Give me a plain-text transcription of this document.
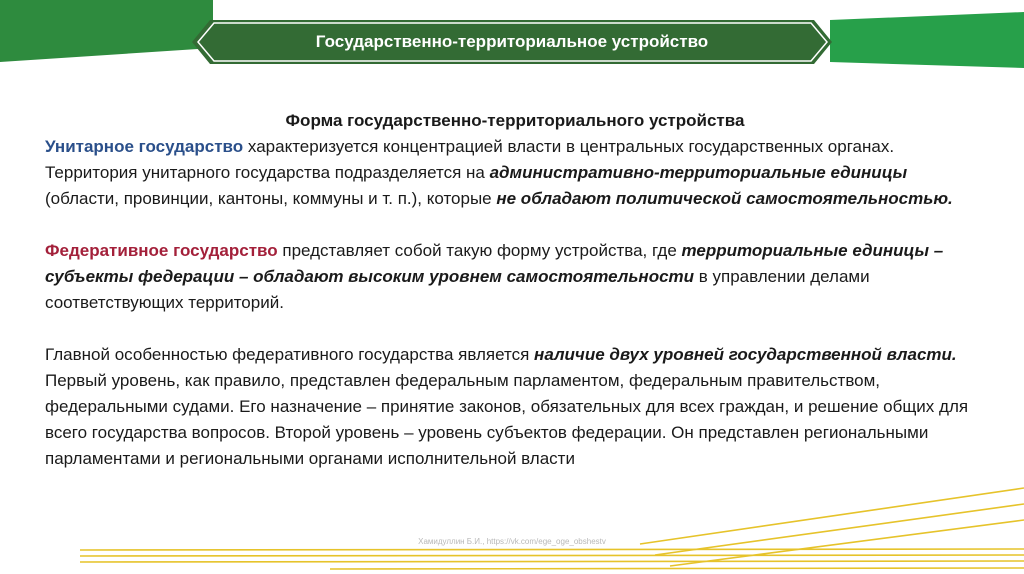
Государственно-территориальное устройство

Форма государственно-территориального устройства

Унитарное государство характеризуется концентрацией власти в центральных государственных органах. Территория унитарного государства подразделяется на административно-территориальные единицы (области, провинции, кантоны, коммуны и т. п.), которые не обладают политической самостоятельностью.

Федеративное государство представляет собой такую форму устройства, где территориальные единицы – субъекты федерации – обладают высоким уровнем самостоятельности в управлении делами соответствующих территорий.

Главной особенностью федеративного государства является наличие двух уровней государственной власти. Первый уровень, как правило, представлен федеральным парламентом, федеральным правительством, федеральными судами. Его назначение – принятие законов, обязательных для всех граждан, и решение общих для всего государства вопросов. Второй уровень – уровень субъектов федерации. Он представлен региональными парламентами и региональными органами исполнительной власти

Хамидуллин Б.И., https://vk.com/ege_oge_obshestv
